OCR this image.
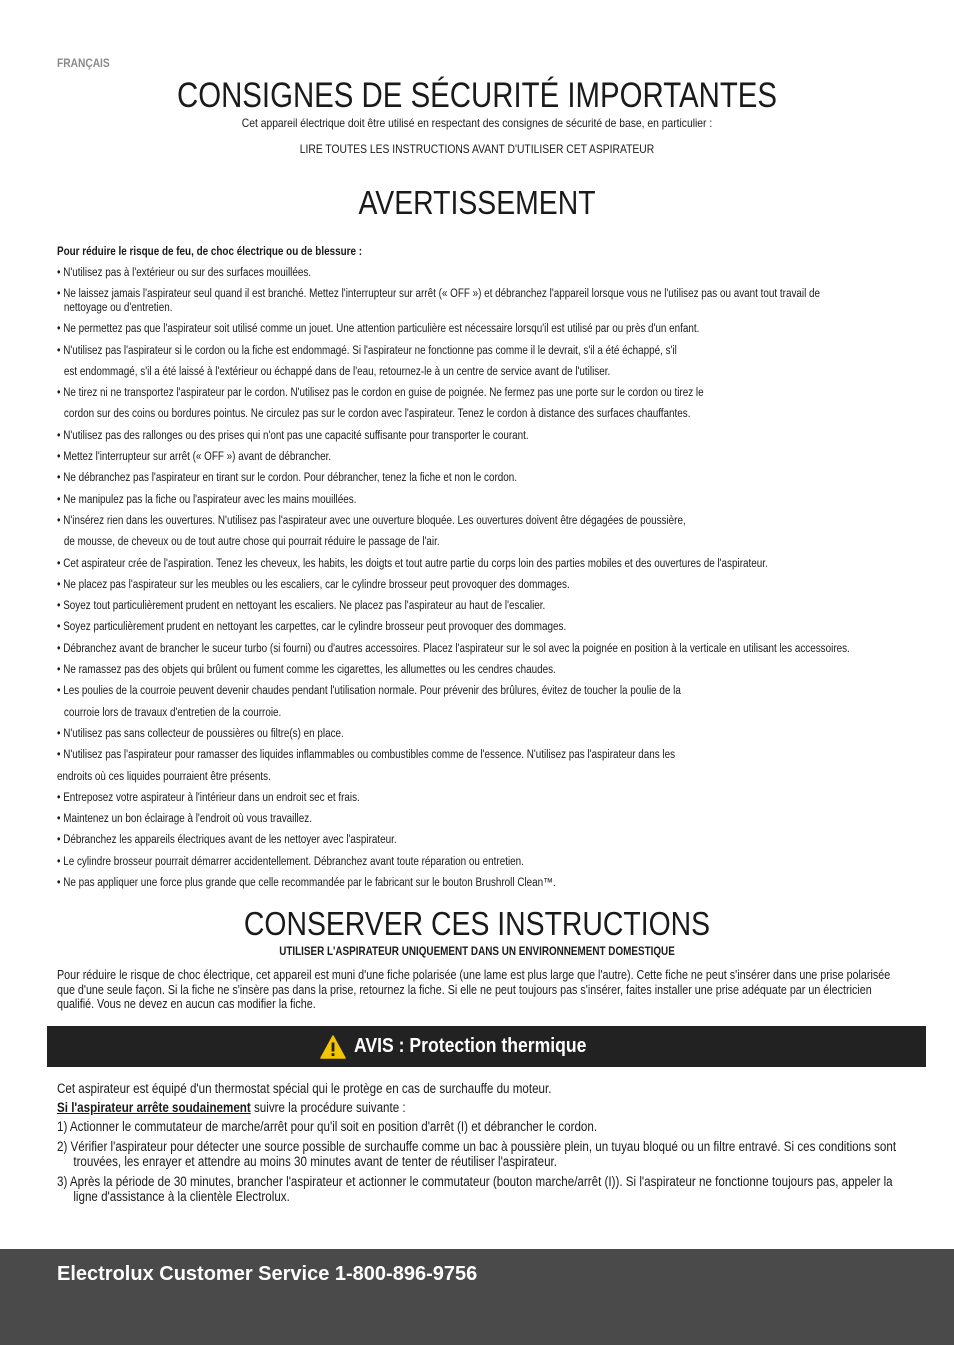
FRANÇAIS
CONSIGNES DE SÉCURITÉ IMPORTANTES
Cet appareil électrique doit être utilisé en respectant des consignes de sécurité de base, en particulier :
LIRE TOUTES LES INSTRUCTIONS AVANT D'UTILISER CET ASPIRATEUR
AVERTISSEMENT
Pour réduire le risque de feu, de choc électrique ou de blessure :
• N'utilisez pas à l'extérieur ou sur des surfaces mouillées.
• Ne laissez jamais l'aspirateur seul quand il est branché. Mettez l'interrupteur sur arrêt (« OFF ») et débranchez l'appareil lorsque vous ne l'utilisez pas ou avant tout travail de
nettoyage ou d'entretien.
• Ne permettez pas que l'aspirateur soit utilisé comme un jouet. Une attention particulière est nécessaire lorsqu'il est utilisé par ou près d'un enfant.
• N'utilisez pas l'aspirateur si le cordon ou la fiche est endommagé. Si l'aspirateur ne fonctionne pas comme il le devrait, s'il a été échappé, s'il
est endommagé, s'il a été laissé à l'extérieur ou échappé dans de l'eau, retournez-le à un centre de service avant de l'utiliser.
• Ne tirez ni ne transportez l'aspirateur par le cordon. N'utilisez pas le cordon en guise de poignée. Ne fermez pas une porte sur le cordon ou tirez le
cordon sur des coins ou bordures pointus. Ne circulez pas sur le cordon avec l'aspirateur. Tenez le cordon à distance des surfaces chauffantes.
• N'utilisez pas des rallonges ou des prises qui n'ont pas une capacité suffisante pour transporter le courant.
• Mettez l'interrupteur sur arrêt (« OFF ») avant de débrancher.
• Ne débranchez pas l'aspirateur en tirant sur le cordon. Pour débrancher, tenez la fiche et non le cordon.
• Ne manipulez pas la fiche ou l'aspirateur avec les mains mouillées.
• N'insérez rien dans les ouvertures. N'utilisez pas l'aspirateur avec une ouverture bloquée. Les ouvertures doivent être dégagées de poussière,
de mousse, de cheveux ou de tout autre chose qui pourrait réduire le passage de l'air.
• Cet aspirateur crée de l'aspiration. Tenez les cheveux, les habits, les doigts et tout autre partie du corps loin des parties mobiles et des ouvertures de l'aspirateur.
• Ne placez pas l'aspirateur sur les meubles ou les escaliers, car le cylindre brosseur peut provoquer des dommages.
• Soyez tout particulièrement prudent en nettoyant les escaliers. Ne placez pas l'aspirateur au haut de l'escalier.
• Soyez particulièrement prudent en nettoyant les carpettes, car le cylindre brosseur peut provoquer des dommages.
• Débranchez avant de brancher le suceur turbo (si fourni) ou d'autres accessoires. Placez l'aspirateur sur le sol avec la poignée en position à la verticale en utilisant les accessoires.
• Ne ramassez pas des objets qui brûlent ou fument comme les cigarettes, les allumettes ou les cendres chaudes.
• Les poulies de la courroie peuvent devenir chaudes pendant l'utilisation normale. Pour prévenir des brûlures, évitez de toucher la poulie de la
courroie lors de travaux d'entretien de la courroie.
• N'utilisez pas sans collecteur de poussières ou filtre(s) en place.
• N'utilisez pas l'aspirateur pour ramasser des liquides inflammables ou combustibles comme de l'essence. N'utilisez pas l'aspirateur dans les
endroits où ces liquides pourraient être présents.
• Entreposez votre aspirateur à l'intérieur dans un endroit sec et frais.
• Maintenez un bon éclairage à l'endroit où vous travaillez.
• Débranchez les appareils électriques avant de les nettoyer avec l'aspirateur.
• Le cylindre brosseur pourrait démarrer accidentellement. Débranchez avant toute réparation ou entretien.
• Ne pas appliquer une force plus grande que celle recommandée par le fabricant sur le bouton Brushroll Clean™.
CONSERVER CES INSTRUCTIONS
UTILISER L'ASPIRATEUR UNIQUEMENT DANS UN ENVIRONNEMENT DOMESTIQUE
Pour réduire le risque de choc électrique, cet appareil est muni d'une fiche polarisée (une lame est plus large que l'autre). Cette fiche ne peut s'insérer dans une prise polarisée que d'une seule façon. Si la fiche ne s'insère pas dans la prise, retournez la fiche. Si elle ne peut toujours pas s'insérer, faites installer une prise adéquate par un électricien qualifié. Vous ne devez en aucun cas modifier la fiche.
AVIS : Protection thermique

Cet aspirateur est équipé d'un thermostat spécial qui le protège en cas de surchauffe du moteur.

Si l'aspirateur arrête soudainement suivre la procédure suivante :

1) Actionner le commutateur de marche/arrêt pour qu'il soit en position d'arrêt (I) et débrancher le cordon.
2) Vérifier l'aspirateur pour détecter une source possible de surchauffe comme un bac à poussière plein, un tuyau bloqué ou un filtre entravé. Si ces conditions sont trouvées, les enrayer et attendre au moins 30 minutes avant de tenter de réutiliser l'aspirateur.
3) Après la période de 30 minutes, brancher l'aspirateur et actionner le commutateur (bouton marche/arrêt (I)). Si l'aspirateur ne fonctionne toujours pas, appeler la ligne d'assistance à la clientèle Electrolux.
Electrolux Customer Service 1-800-896-9756
